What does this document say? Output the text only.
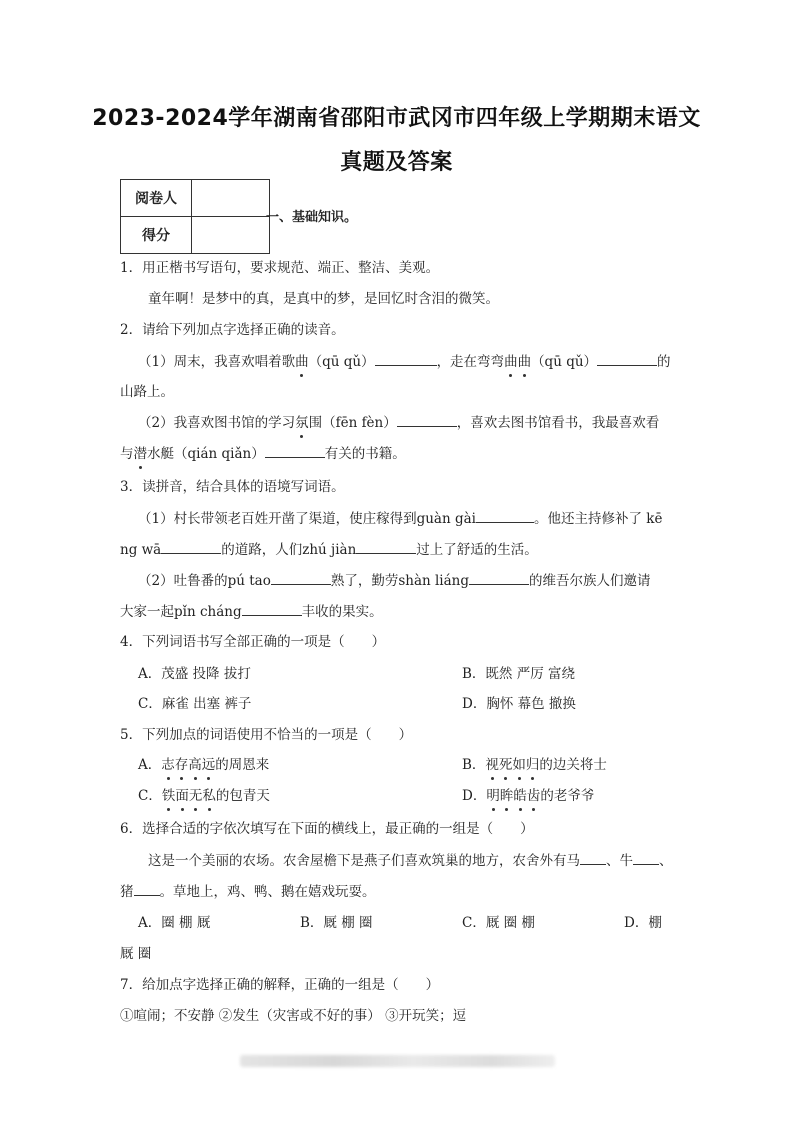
2023-2024学年湖南省邵阳市武冈市四年级上学期期末语文
真题及答案
阅卷人	
得分	
一、基础知识。
1．用正楷书写语句，要求规范、端正、整洁、美观。
童年啊！是梦中的真，是真中的梦，是回忆时含泪的微笑。
2．请给下列加点字选择正确的读音。
（1）周末，我喜欢唱着歌曲（qū qǔ）	，走在弯弯曲曲（qū qǔ）	的
山路上。
（2）我喜欢图书馆的学习氛围（fēn fèn）	，喜欢去图书馆看书，我最喜欢看
与潜水艇（qián qiǎn）	有关的书籍。
3．读拼音，结合具体的语境写词语。
（1）村长带领老百姓开凿了渠道，使庄稼得到guàn gài	。他还主持修补了 kē
ng wā	的道路，人们zhú jiàn	过上了舒适的生活。
（2）吐鲁番的pú tao	熟了，勤劳shàn liáng	的维吾尔族人们邀请
大家一起pǐn cháng	丰收的果实。
4．下列词语书写全部正确的一项是（　　）
A．茂盛 投降 拔打	B．既然 严厉 富绕
C．麻雀 出塞 裤子	D．胸怀 幕色 撤换
5．下列加点的词语使用不恰当的一项是（　　）
A．志存高远的周恩来	B．视死如归的边关将士
C．铁面无私的包青天	D．明眸皓齿的老爷爷
6．选择合适的字依次填写在下面的横线上，最正确的一组是（　　）
这是一个美丽的农场。农舍屋檐下是燕子们喜欢筑巢的地方，农舍外有马 、牛 、
猪 。草地上，鸡、鸭、鹅在嬉戏玩耍。
A．圈 棚 厩	B．厩 棚 圈	C．厩 圈 棚	D．棚
厩 圈
7．给加点字选择正确的解释，正确的一组是（　　）
①喧闹；不安静 ②发生（灾害或不好的事） ③开玩笑；逗
